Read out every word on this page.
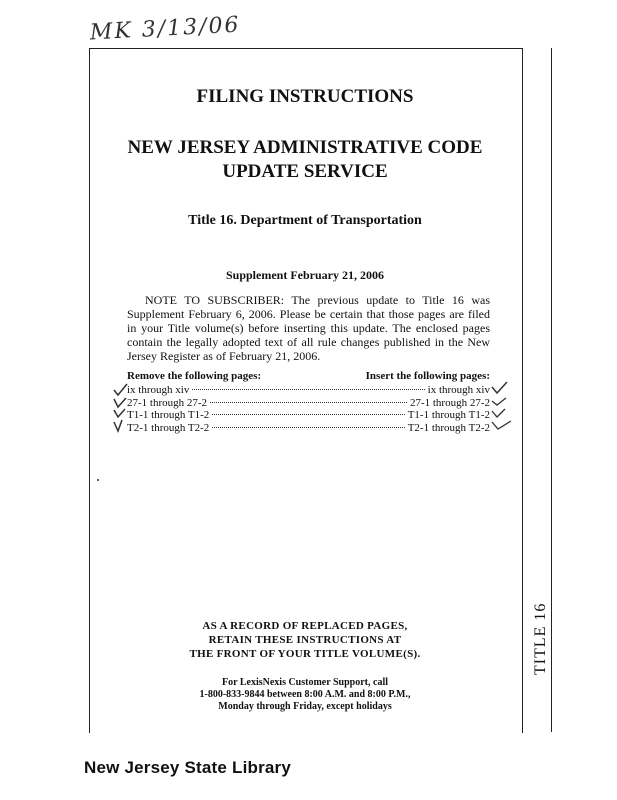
MK 3/13/06
TITLE 16
FILING INSTRUCTIONS
NEW JERSEY ADMINISTRATIVE CODE
UPDATE SERVICE
Title 16. Department of Transportation
Supplement February 21, 2006
NOTE TO SUBSCRIBER: The previous update to Title 16 was Supplement February 6, 2006. Please be certain that those pages are filed in your Title volume(s) before inserting this update. The enclosed pages contain the legally adopted text of all rule changes published in the New Jersey Register as of February 21, 2006.
Remove the following pages:	Insert the following pages:
ix through xiv	ix through xiv
27-1 through 27-2	27-1 through 27-2
T1-1 through T1-2	T1-1 through T1-2
T2-1 through T2-2	T2-1 through T2-2
AS A RECORD OF REPLACED PAGES,
RETAIN THESE INSTRUCTIONS AT
THE FRONT OF YOUR TITLE VOLUME(S).
For LexisNexis Customer Support, call
1-800-833-9844 between 8:00 A.M. and 8:00 P.M.,
Monday through Friday, except holidays
New Jersey State Library
